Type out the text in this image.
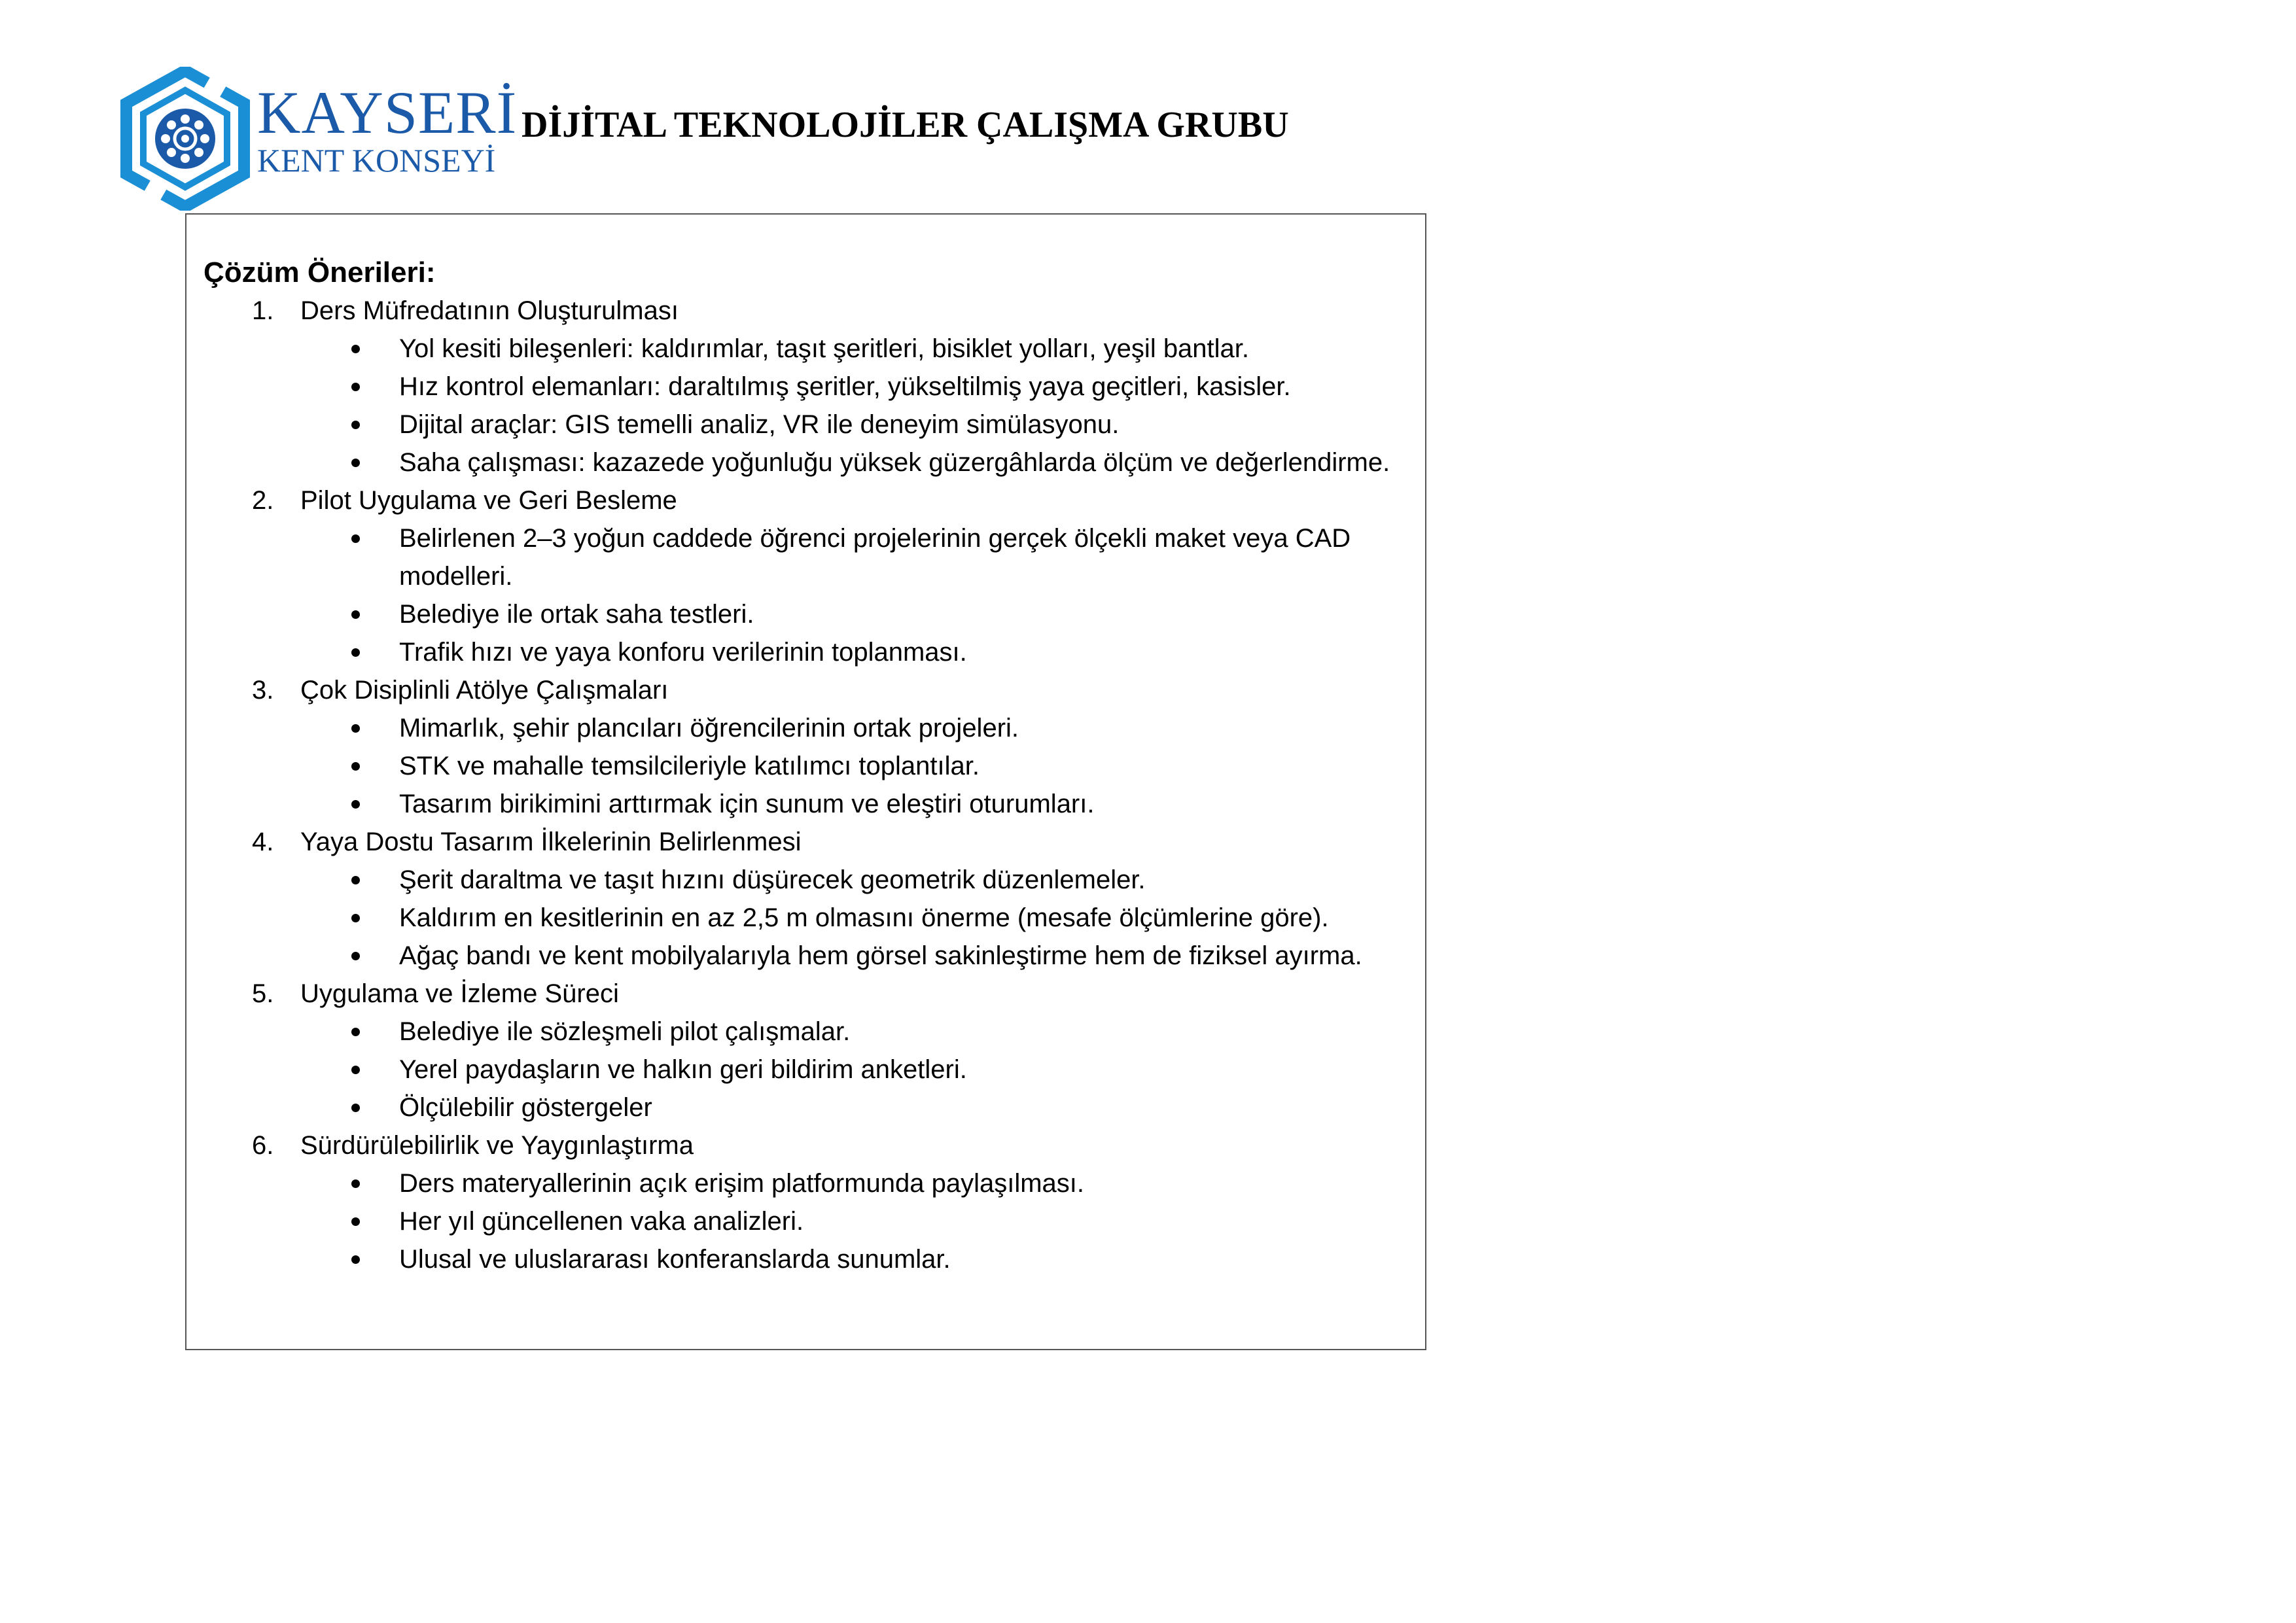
KAYSERİ
KENT KONSEYİ
DİJİTAL TEKNOLOJİLER ÇALIŞMA GRUBU
Çözüm Önerileri:
1. Ders Müfredatının Oluşturulması
Yol kesiti bileşenleri: kaldırımlar, taşıt şeritleri, bisiklet yolları, yeşil bantlar.
Hız kontrol elemanları: daraltılmış şeritler, yükseltilmiş yaya geçitleri, kasisler.
Dijital araçlar: GIS temelli analiz, VR ile deneyim simülasyonu.
Saha çalışması: kazazede yoğunluğu yüksek güzergâhlarda ölçüm ve değerlendirme.
2. Pilot Uygulama ve Geri Besleme
Belirlenen 2–3 yoğun caddede öğrenci projelerinin gerçek ölçekli maket veya CAD modelleri.
Belediye ile ortak saha testleri.
Trafik hızı ve yaya konforu verilerinin toplanması.
3. Çok Disiplinli Atölye Çalışmaları
Mimarlık, şehir plancıları öğrencilerinin ortak projeleri.
STK ve mahalle temsilcileriyle katılımcı toplantılar.
Tasarım birikimini arttırmak için sunum ve eleştiri oturumları.
4. Yaya Dostu Tasarım İlkelerinin Belirlenmesi
Şerit daraltma ve taşıt hızını düşürecek geometrik düzenlemeler.
Kaldırım en kesitlerinin en az 2,5 m olmasını önerme (mesafe ölçümlerine göre).
Ağaç bandı ve kent mobilyalarıyla hem görsel sakinleştirme hem de fiziksel ayırma.
5. Uygulama ve İzleme Süreci
Belediye ile sözleşmeli pilot çalışmalar.
Yerel paydaşların ve halkın geri bildirim anketleri.
Ölçülebilir göstergeler
6. Sürdürülebilirlik ve Yaygınlaştırma
Ders materyallerinin açık erişim platformunda paylaşılması.
Her yıl güncellenen vaka analizleri.
Ulusal ve uluslararası konferanslarda sunumlar.
